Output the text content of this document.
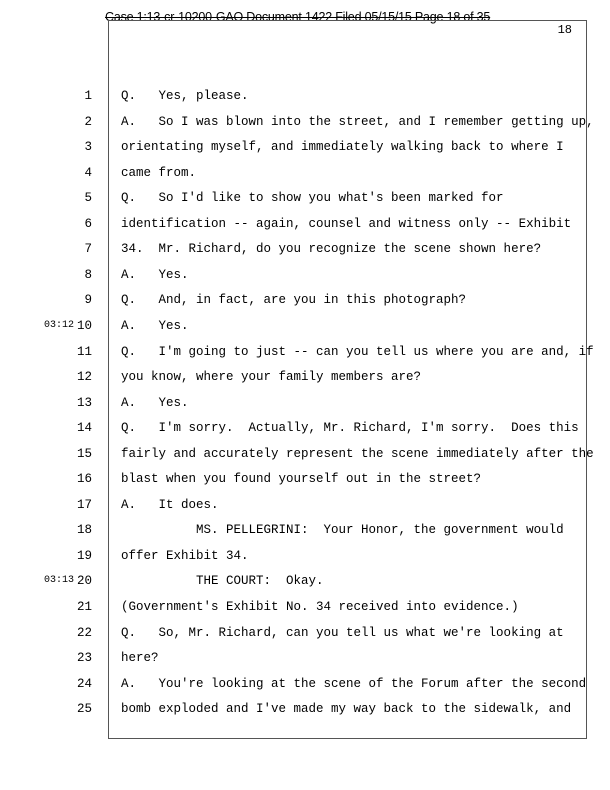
Case 1:13-cr-10200-GAO Document 1422 Filed 05/15/15 Page 18 of 35
18
1 Q.   Yes, please.
2 A.   So I was blown into the street, and I remember getting up,
3 orientating myself, and immediately walking back to where I
4 came from.
5 Q.   So I'd like to show you what's been marked for
6 identification -- again, counsel and witness only -- Exhibit
7 34.  Mr. Richard, do you recognize the scene shown here?
8 A.   Yes.
9 Q.   And, in fact, are you in this photograph?
03:12 10 A.   Yes.
11 Q.   I'm going to just -- can you tell us where you are and, if
12 you know, where your family members are?
13 A.   Yes.
14 Q.   I'm sorry.  Actually, Mr. Richard, I'm sorry.  Does this
15 fairly and accurately represent the scene immediately after the
16 blast when you found yourself out in the street?
17 A.   It does.
18 MS. PELLEGRINI:  Your Honor, the government would
19 offer Exhibit 34.
03:13 20 THE COURT:  Okay.
21 (Government's Exhibit No. 34 received into evidence.)
22 Q.   So, Mr. Richard, can you tell us what we're looking at
23 here?
24 A.   You're looking at the scene of the Forum after the second
25 bomb exploded and I've made my way back to the sidewalk, and
